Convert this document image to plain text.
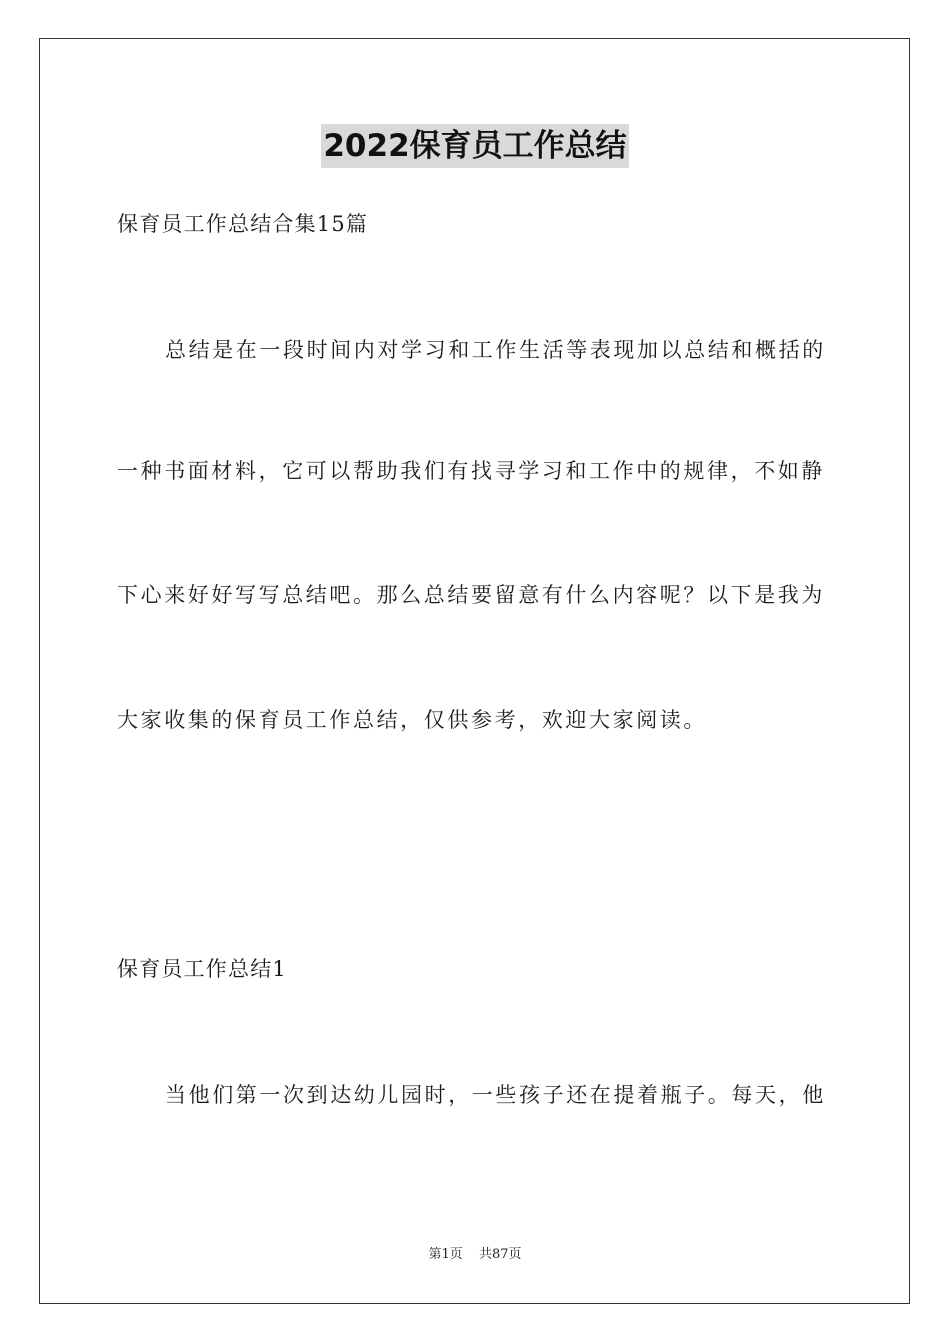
2022保育员工作总结
保育员工作总结合集15篇
总结是在一段时间内对学习和工作生活等表现加以总结和概括的
一种书面材料，它可以帮助我们有找寻学习和工作中的规律，不如静
下心来好好写写总结吧。那么总结要留意有什么内容呢？以下是我为
大家收集的保育员工作总结，仅供参考，欢迎大家阅读。
保育员工作总结1
当他们第一次到达幼儿园时，一些孩子还在提着瓶子。每天，他
第1页 共87页
